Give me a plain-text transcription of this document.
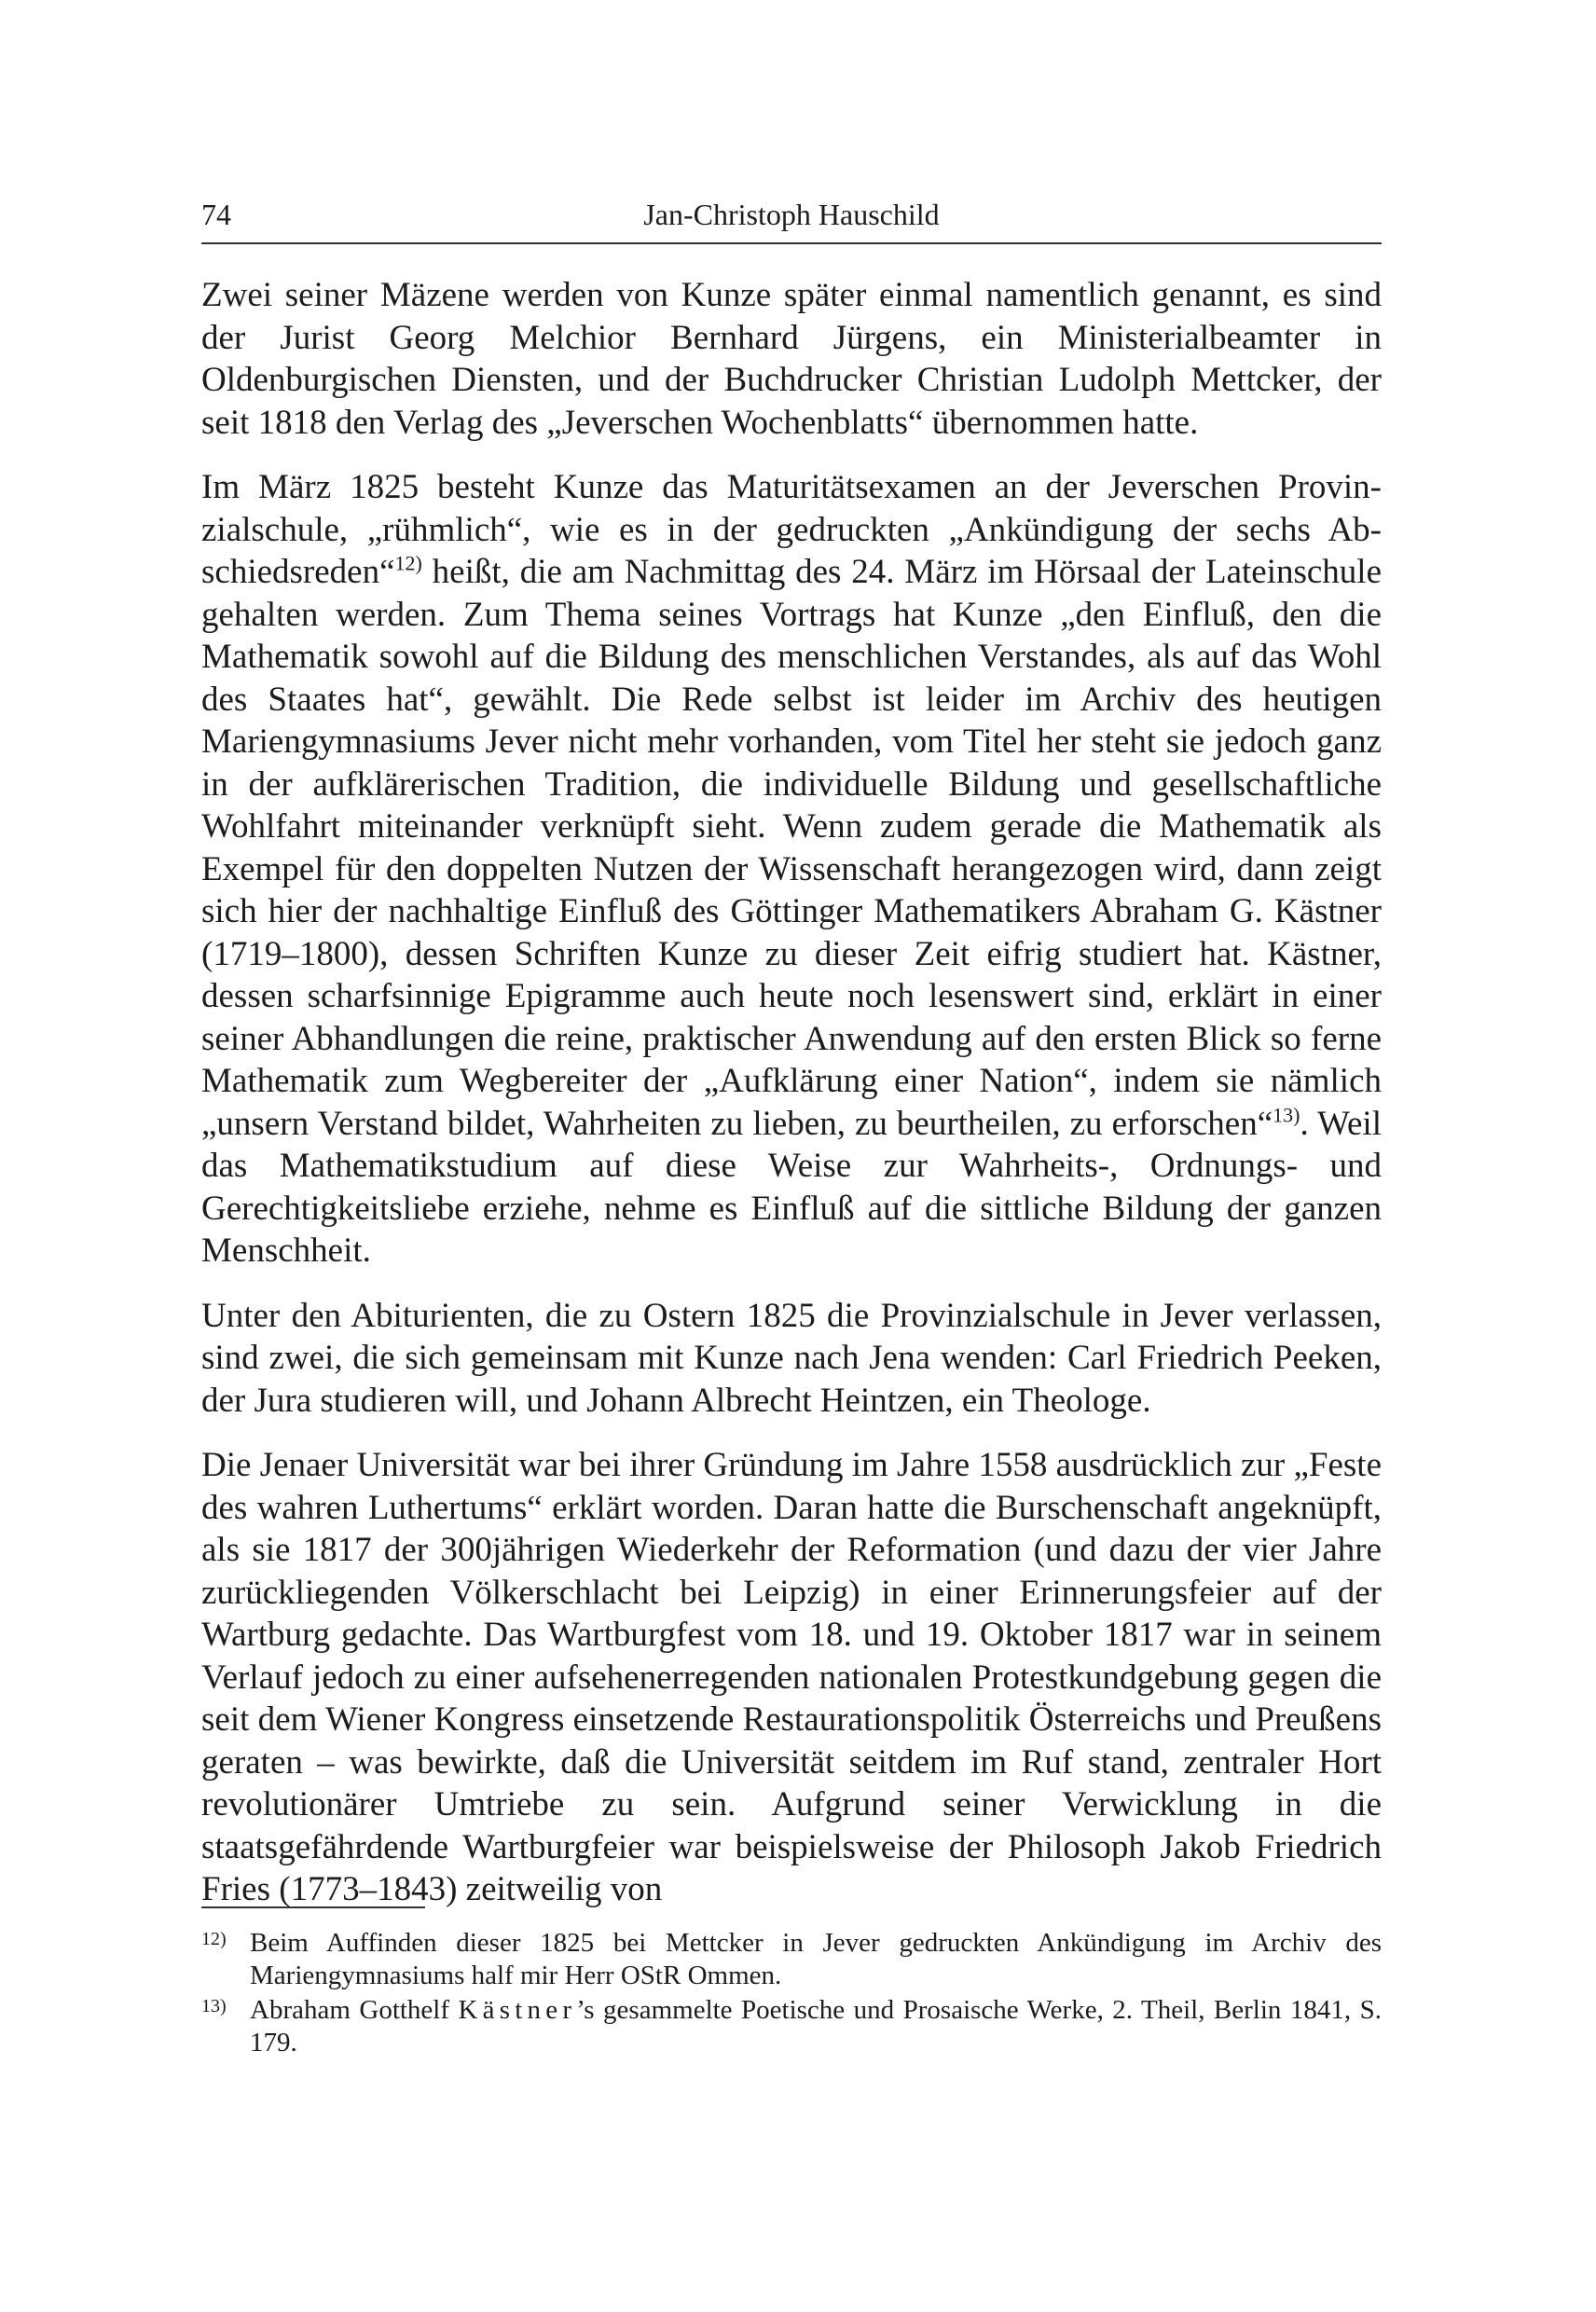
74	Jan-Christoph Hauschild

Zwei seiner Mäzene werden von Kunze später einmal namentlich genannt, es sind der Jurist Georg Melchior Bernhard Jürgens, ein Ministerialbeamter in Oldenburgischen Diensten, und der Buchdrucker Christian Ludolph Mettcker, der seit 1818 den Verlag des „Jeverschen Wochenblatts“ übernommen hatte.

Im März 1825 besteht Kunze das Maturitätsexamen an der Jeverschen Provinzialschule, „rühmlich“, wie es in der gedruckten „Ankündigung der sechs Abschiedsreden“$^{12)}$ heißt, die am Nachmittag des 24. März im Hörsaal der Lateinschule gehalten werden. Zum Thema seines Vortrags hat Kunze „den Einfluß, den die Mathematik sowohl auf die Bildung des menschlichen Verstandes, als auf das Wohl des Staates hat“, gewählt. Die Rede selbst ist leider im Archiv des heutigen Mariengymnasiums Jever nicht mehr vorhanden, vom Titel her steht sie jedoch ganz in der aufklärerischen Tradition, die individuelle Bildung und gesellschaftliche Wohlfahrt miteinander verknüpft sieht. Wenn zudem gerade die Mathematik als Exempel für den doppelten Nutzen der Wissenschaft herangezogen wird, dann zeigt sich hier der nachhaltige Einfluß des Göttinger Mathematikers Abraham G. Kästner (1719–1800), dessen Schriften Kunze zu dieser Zeit eifrig studiert hat. Kästner, dessen scharfsinnige Epigramme auch heute noch lesenswert sind, erklärt in einer seiner Abhandlungen die reine, praktischer Anwendung auf den ersten Blick so ferne Mathematik zum Wegbereiter der „Aufklärung einer Nation“, indem sie nämlich „unsern Verstand bildet, Wahrheiten zu lieben, zu beurtheilen, zu erforschen“$^{13)}$. Weil das Mathematikstudium auf diese Weise zur Wahrheits-, Ordnungs- und Gerechtigkeitsliebe erziehe, nehme es Einfluß auf die sittliche Bildung der ganzen Menschheit.

Unter den Abiturienten, die zu Ostern 1825 die Provinzialschule in Jever verlassen, sind zwei, die sich gemeinsam mit Kunze nach Jena wenden: Carl Friedrich Peeken, der Jura studieren will, und Johann Albrecht Heintzen, ein Theologe.

Die Jenaer Universität war bei ihrer Gründung im Jahre 1558 ausdrücklich zur „Feste des wahren Luthertums“ erklärt worden. Daran hatte die Burschenschaft angeknüpft, als sie 1817 der 300jährigen Wiederkehr der Reformation (und dazu der vier Jahre zurückliegenden Völkerschlacht bei Leipzig) in einer Erinnerungsfeier auf der Wartburg gedachte. Das Wartburgfest vom 18. und 19. Oktober 1817 war in seinem Verlauf jedoch zu einer aufsehenerregenden nationalen Protestkundgebung gegen die seit dem Wiener Kongress einsetzende Restaurationspolitik Österreichs und Preußens geraten – was bewirkte, daß die Universität seitdem im Ruf stand, zentraler Hort revolutionärer Umtriebe zu sein. Aufgrund seiner Verwicklung in die staatsgefährdende Wartburgfeier war beispielsweise der Philosoph Jakob Friedrich Fries (1773–1843) zeitweilig von

12) Beim Auffinden dieser 1825 bei Mettcker in Jever gedruckten Ankündigung im Archiv des Mariengymnasiums half mir Herr OStR Ommen.
13) Abraham Gotthelf Kästner’s gesammelte Poetische und Prosaische Werke, 2. Theil, Berlin 1841, S. 179.
